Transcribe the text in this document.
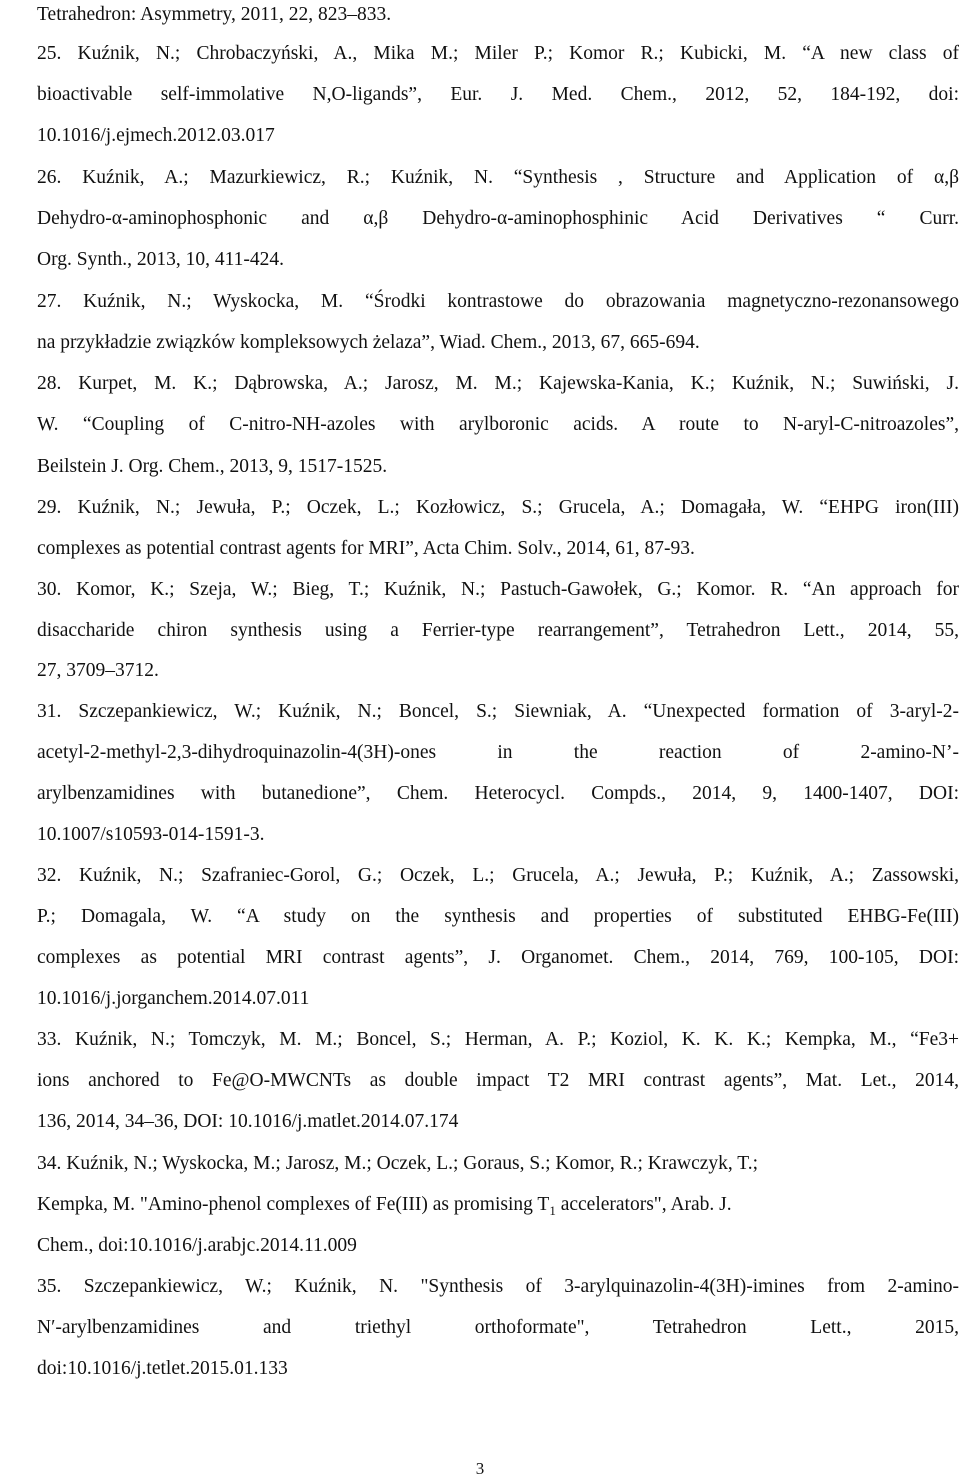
Tetrahedron: Asymmetry, 2011, 22, 823–833.
25. Kuźnik, N.; Chrobaczyński, A., Mika M.; Miler P.; Komor R.; Kubicki, M. “A new class of
bioactivable self-immolative N,O-ligands”, Eur. J. Med. Chem., 2012, 52, 184-192, doi:
10.1016/j.ejmech.2012.03.017
26. Kuźnik, A.; Mazurkiewicz, R.; Kuźnik, N. “Synthesis , Structure and Application of α,β
Dehydro-α-aminophosphonic and α,β Dehydro-α-aminophosphinic Acid Derivatives “ Curr.
Org. Synth., 2013, 10, 411-424.
27. Kuźnik, N.; Wyskocka, M. “Środki kontrastowe do obrazowania magnetyczno-rezonansowego
na przykładzie związków kompleksowych żelaza”, Wiad. Chem., 2013, 67, 665-694.
28. Kurpet, M. K.; Dąbrowska, A.; Jarosz, M. M.; Kajewska-Kania, K.; Kuźnik, N.; Suwiński, J.
W. “Coupling of C-nitro-NH-azoles with arylboronic acids. A route to N-aryl-C-nitroazoles”,
Beilstein J. Org. Chem., 2013, 9, 1517-1525.
29. Kuźnik, N.; Jewuła, P.; Oczek, L.; Kozłowicz, S.; Grucela, A.; Domagała, W. “EHPG iron(III)
complexes as potential contrast agents for MRI”, Acta Chim. Solv., 2014, 61, 87-93.
30. Komor, K.; Szeja, W.; Bieg, T.; Kuźnik, N.; Pastuch-Gawołek, G.; Komor. R. “An approach for
disaccharide chiron synthesis using a Ferrier-type rearrangement”, Tetrahedron Lett., 2014, 55,
27, 3709–3712.
31. Szczepankiewicz, W.; Kuźnik, N.; Boncel, S.; Siewniak, A. “Unexpected formation of 3-aryl-2-
acetyl-2-methyl-2,3-dihydroquinazolin-4(3H)-ones in the reaction of 2-amino-N’-
arylbenzamidines with butanedione”, Chem. Heterocycl. Compds., 2014, 9, 1400-1407, DOI:
10.1007/s10593-014-1591-3.
32. Kuźnik, N.; Szafraniec-Gorol, G.; Oczek, L.; Grucela, A.; Jewuła, P.; Kuźnik, A.; Zassowski,
P.; Domagala, W. “A study on the synthesis and properties of substituted EHBG-Fe(III)
complexes as potential MRI contrast agents”, J. Organomet. Chem., 2014, 769, 100-105, DOI:
10.1016/j.jorganchem.2014.07.011
33. Kuźnik, N.; Tomczyk, M. M.; Boncel, S.; Herman, A. P.; Koziol, K. K. K.; Kempka, M., “Fe3+
ions anchored to Fe@O-MWCNTs as double impact T2 MRI contrast agents”, Mat. Let., 2014,
136, 2014, 34–36, DOI: 10.1016/j.matlet.2014.07.174
34. Kuźnik, N.; Wyskocka, M.; Jarosz, M.; Oczek, L.; Goraus, S.; Komor, R.; Krawczyk, T.;
Kempka, M. "Amino-phenol complexes of Fe(III) as promising $T_1$ accelerators", Arab. J.
Chem., doi:10.1016/j.arabjc.2014.11.009
35. Szczepankiewicz, W.; Kuźnik, N. "Synthesis of 3-arylquinazolin-4(3H)-imines from 2-amino-
N′-arylbenzamidines and triethyl orthoformate", Tetrahedron Lett., 2015,
doi:10.1016/j.tetlet.2015.01.133
3
